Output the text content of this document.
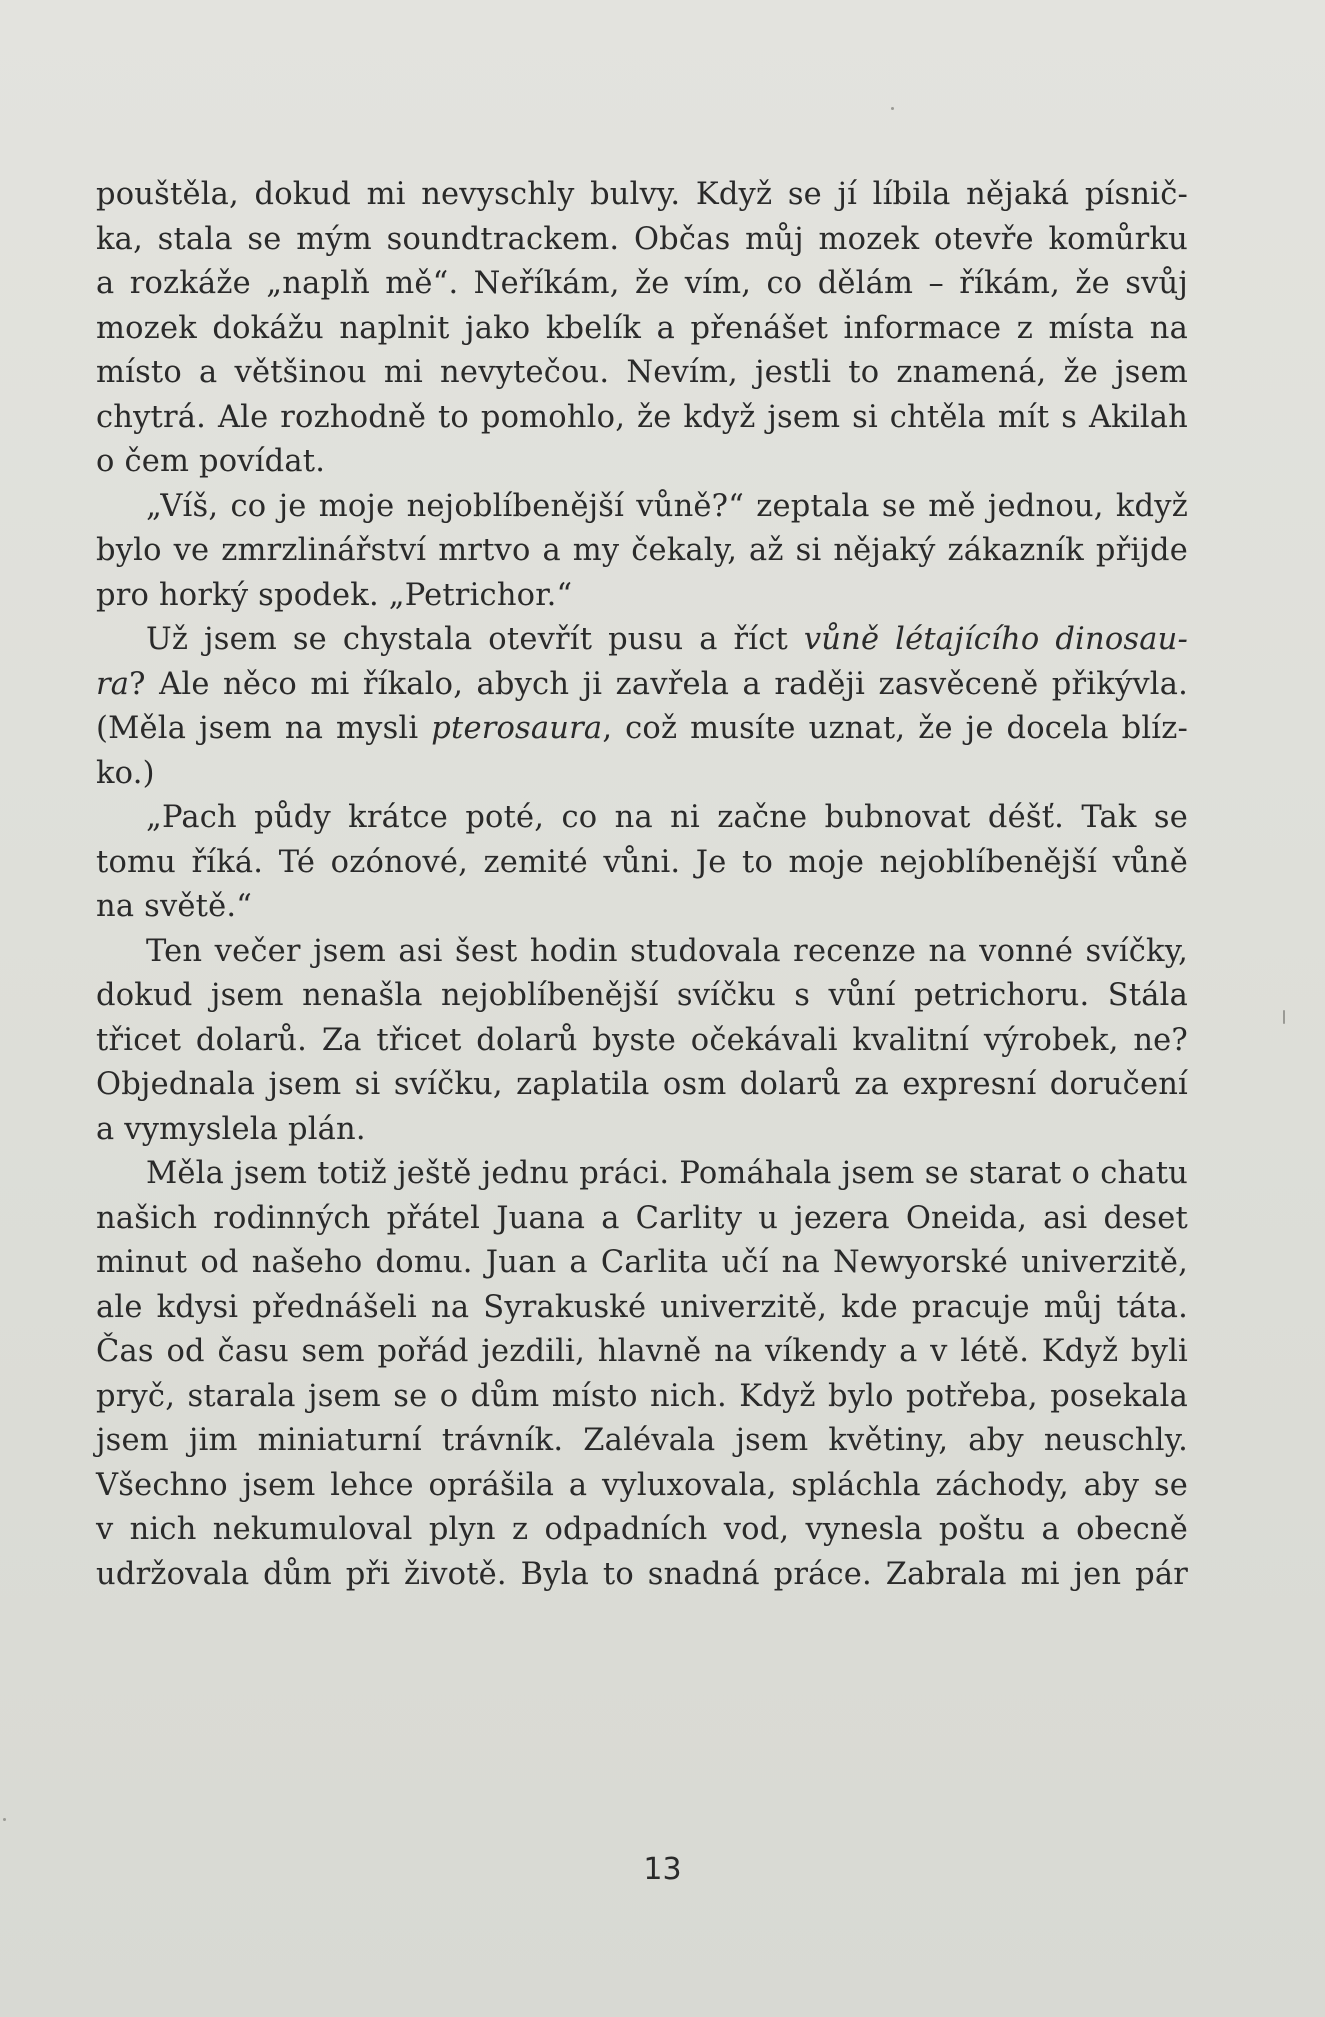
pouštěla, dokud mi nevyschly bulvy. Když se jí líbila nějaká písnič-
ka, stala se mým soundtrackem. Občas můj mozek otevře komůrku
a rozkáže „naplň mě“. Neříkám, že vím, co dělám – říkám, že svůj
mozek dokážu naplnit jako kbelík a přenášet informace z místa na
místo a většinou mi nevytečou. Nevím, jestli to znamená, že jsem
chytrá. Ale rozhodně to pomohlo, že když jsem si chtěla mít s Akilah
o čem povídat.
„Víš, co je moje nejoblíbenější vůně?“ zeptala se mě jednou, když
bylo ve zmrzlinářství mrtvo a my čekaly, až si nějaký zákazník přijde
pro horký spodek. „Petrichor.“
Už jsem se chystala otevřít pusu a říct vůně létajícího dinosau-
ra? Ale něco mi říkalo, abych ji zavřela a raději zasvěceně přikývla.
(Měla jsem na mysli pterosaura, což musíte uznat, že je docela blíz-
ko.)
„Pach půdy krátce poté, co na ni začne bubnovat déšť. Tak se
tomu říká. Té ozónové, zemité vůni. Je to moje nejoblíbenější vůně
na světě.“
Ten večer jsem asi šest hodin studovala recenze na vonné svíčky,
dokud jsem nenašla nejoblíbenější svíčku s vůní petrichoru. Stála
třicet dolarů. Za třicet dolarů byste očekávali kvalitní výrobek, ne?
Objednala jsem si svíčku, zaplatila osm dolarů za expresní doručení
a vymyslela plán.
Měla jsem totiž ještě jednu práci. Pomáhala jsem se starat o chatu
našich rodinných přátel Juana a Carlity u jezera Oneida, asi deset
minut od našeho domu. Juan a Carlita učí na Newyorské univerzitě,
ale kdysi přednášeli na Syrakuské univerzitě, kde pracuje můj táta.
Čas od času sem pořád jezdili, hlavně na víkendy a v létě. Když byli
pryč, starala jsem se o dům místo nich. Když bylo potřeba, posekala
jsem jim miniaturní trávník. Zalévala jsem květiny, aby neuschly.
Všechno jsem lehce oprášila a vyluxovala, spláchla záchody, aby se
v nich nekumuloval plyn z odpadních vod, vynesla poštu a obecně
udržovala dům při životě. Byla to snadná práce. Zabrala mi jen pár
13
